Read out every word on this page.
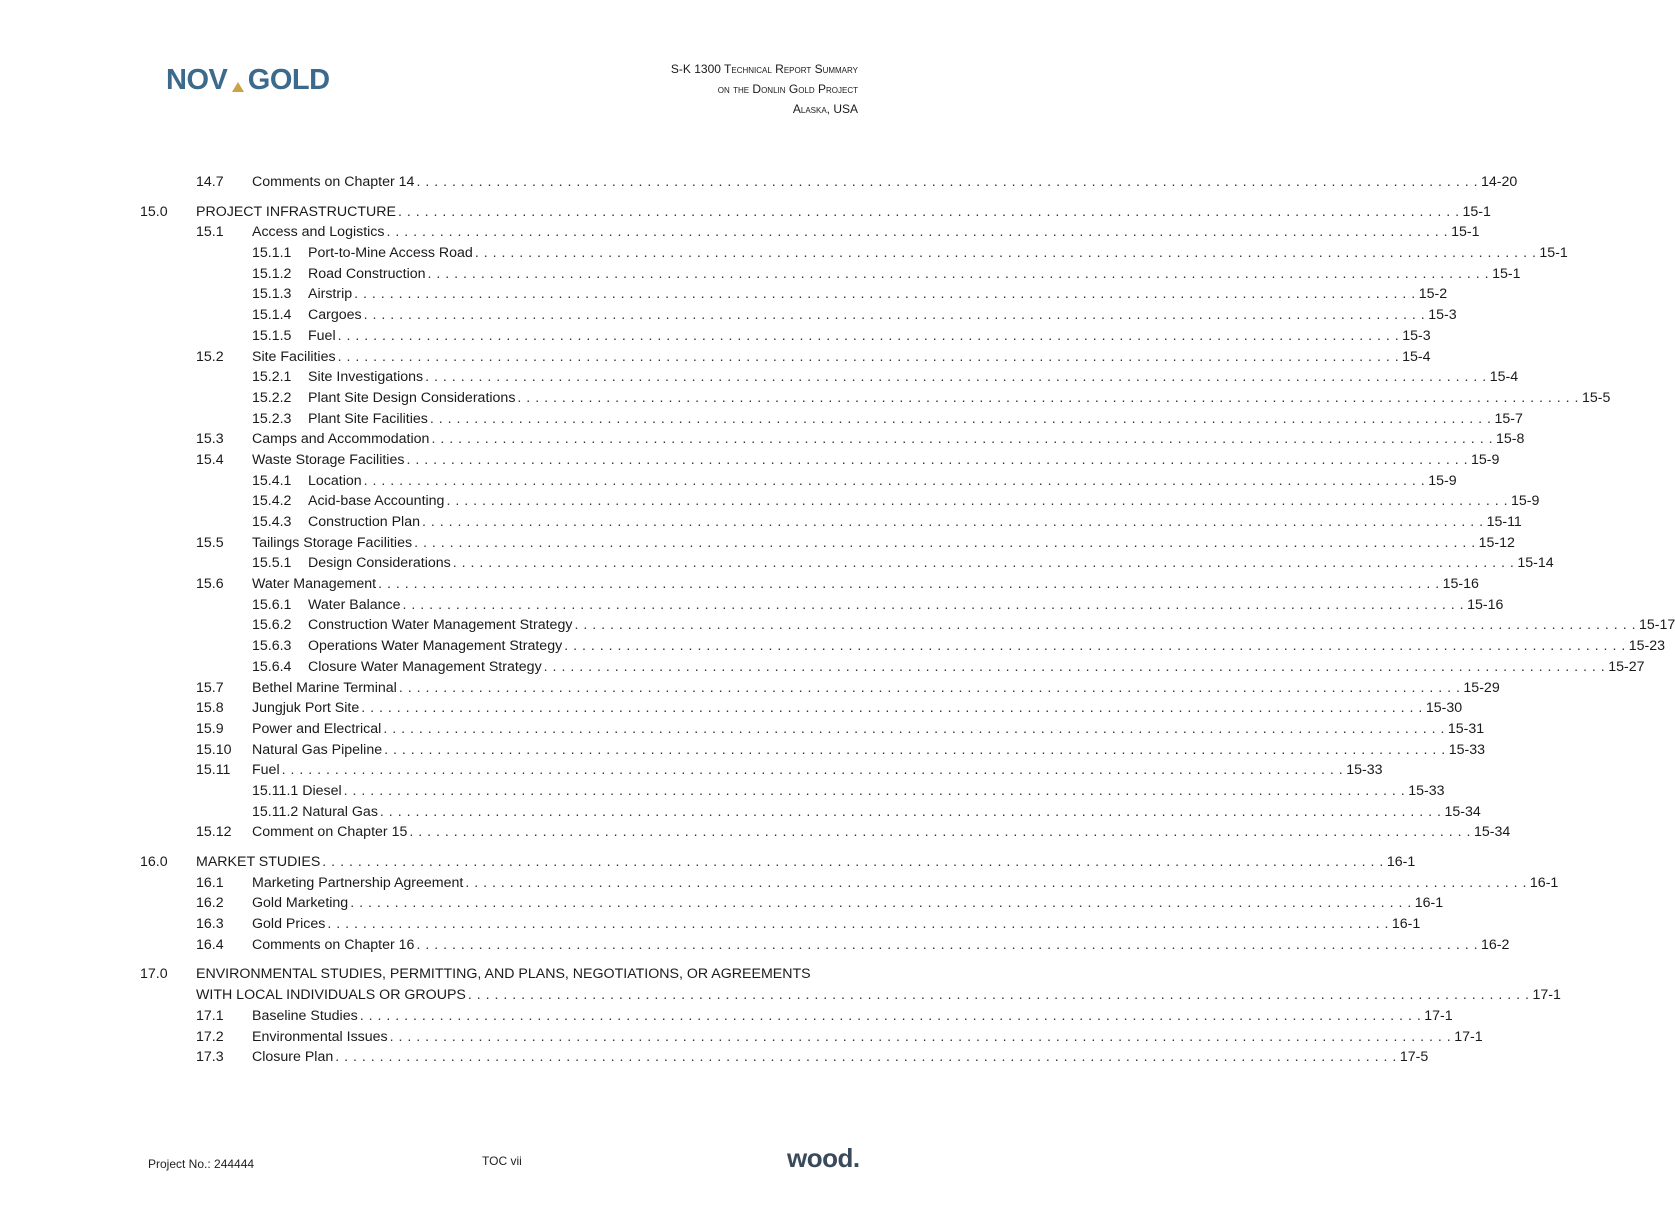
NOV GOLD	S-K 1300 Technical Report Summary
on the Donlin Gold Project
Alaska, USA
14.7 Comments on Chapter 14 . . . . . . . . . . . . . . . . . . . . . . . . . . . . . . . . . . . . . . . . . . . . . . . . . . . . . . . . . . . . . . . . . . . . . . . . . . . . . . . . . . . . . . . . . . . . . . . . . . . . . . . . . . . . . . . . . . . . . . . . 14-20
15.0 PROJECT INFRASTRUCTURE . . . . . . . . . . . . . . . . . . . . . . . . . . . . . . . . . . . . . . . . . . . . . . . . . . . . . . . . . . . . . . . . . . . . . . . . . . . . . . . . . . . . . . . . . . . . . . . . . . . . . . . . . . . . . . . . . . . . . . . . 15-1
15.1 Access and Logistics . . . . . . . . . . . . . . . . . . . . . . . . . . . . . . . . . . . . . . . . . . . . . . . . . . . . . . . . . . . . . . . . . . . . . . . . . . . . . . . . . . . . . . . . . . . . . . . . . . . . . . . . . . . . . . . . . . . . . . . . 15-1
15.1.1 Port-to-Mine Access Road . . . . . . . . . . . . . . . . . . . . . . . . . . . . . . . . . . . . . . . . . . . . . . . . . . . . . . . . . . . . . . . . . . . . . . . . . . . . . . . . . . . . . . . . . . . . . . . . . . . . . . . . . . . . . . . . . . . . . . . . 15-1
15.1.2 Road Construction . . . . . . . . . . . . . . . . . . . . . . . . . . . . . . . . . . . . . . . . . . . . . . . . . . . . . . . . . . . . . . . . . . . . . . . . . . . . . . . . . . . . . . . . . . . . . . . . . . . . . . . . . . . . . . . . . . . . . . . . 15-1
15.1.3 Airstrip . . . . . . . . . . . . . . . . . . . . . . . . . . . . . . . . . . . . . . . . . . . . . . . . . . . . . . . . . . . . . . . . . . . . . . . . . . . . . . . . . . . . . . . . . . . . . . . . . . . . . . . . . . . . . . . . . . . . . . . . 15-2
15.1.4 Cargoes . . . . . . . . . . . . . . . . . . . . . . . . . . . . . . . . . . . . . . . . . . . . . . . . . . . . . . . . . . . . . . . . . . . . . . . . . . . . . . . . . . . . . . . . . . . . . . . . . . . . . . . . . . . . . . . . . . . . . . . . 15-3
15.1.5 Fuel . . . . . . . . . . . . . . . . . . . . . . . . . . . . . . . . . . . . . . . . . . . . . . . . . . . . . . . . . . . . . . . . . . . . . . . . . . . . . . . . . . . . . . . . . . . . . . . . . . . . . . . . . . . . . . . . . . . . . . . . 15-3
15.2 Site Facilities . . . . . . . . . . . . . . . . . . . . . . . . . . . . . . . . . . . . . . . . . . . . . . . . . . . . . . . . . . . . . . . . . . . . . . . . . . . . . . . . . . . . . . . . . . . . . . . . . . . . . . . . . . . . . . . . . . . . . . . . 15-4
15.2.1 Site Investigations . . . . . . . . . . . . . . . . . . . . . . . . . . . . . . . . . . . . . . . . . . . . . . . . . . . . . . . . . . . . . . . . . . . . . . . . . . . . . . . . . . . . . . . . . . . . . . . . . . . . . . . . . . . . . . . . . . . . . . . . 15-4
15.2.2 Plant Site Design Considerations . . . . . . . . . . . . . . . . . . . . . . . . . . . . . . . . . . . . . . . . . . . . . . . . . . . . . . . . . . . . . . . . . . . . . . . . . . . . . . . . . . . . . . . . . . . . . . . . . . . . . . . . . . . . . . . . . . . . . . . . 15-5
15.2.3 Plant Site Facilities . . . . . . . . . . . . . . . . . . . . . . . . . . . . . . . . . . . . . . . . . . . . . . . . . . . . . . . . . . . . . . . . . . . . . . . . . . . . . . . . . . . . . . . . . . . . . . . . . . . . . . . . . . . . . . . . . . . . . . . . 15-7
15.3 Camps and Accommodation . . . . . . . . . . . . . . . . . . . . . . . . . . . . . . . . . . . . . . . . . . . . . . . . . . . . . . . . . . . . . . . . . . . . . . . . . . . . . . . . . . . . . . . . . . . . . . . . . . . . . . . . . . . . . . . . . . . . . . . . 15-8
15.4 Waste Storage Facilities . . . . . . . . . . . . . . . . . . . . . . . . . . . . . . . . . . . . . . . . . . . . . . . . . . . . . . . . . . . . . . . . . . . . . . . . . . . . . . . . . . . . . . . . . . . . . . . . . . . . . . . . . . . . . . . . . . . . . . . . 15-9
15.4.1 Location . . . . . . . . . . . . . . . . . . . . . . . . . . . . . . . . . . . . . . . . . . . . . . . . . . . . . . . . . . . . . . . . . . . . . . . . . . . . . . . . . . . . . . . . . . . . . . . . . . . . . . . . . . . . . . . . . . . . . . . . 15-9
15.4.2 Acid-base Accounting . . . . . . . . . . . . . . . . . . . . . . . . . . . . . . . . . . . . . . . . . . . . . . . . . . . . . . . . . . . . . . . . . . . . . . . . . . . . . . . . . . . . . . . . . . . . . . . . . . . . . . . . . . . . . . . . . . . . . . . . 15-9
15.4.3 Construction Plan . . . . . . . . . . . . . . . . . . . . . . . . . . . . . . . . . . . . . . . . . . . . . . . . . . . . . . . . . . . . . . . . . . . . . . . . . . . . . . . . . . . . . . . . . . . . . . . . . . . . . . . . . . . . . . . . . . . . . . . . 15-11
15.5 Tailings Storage Facilities . . . . . . . . . . . . . . . . . . . . . . . . . . . . . . . . . . . . . . . . . . . . . . . . . . . . . . . . . . . . . . . . . . . . . . . . . . . . . . . . . . . . . . . . . . . . . . . . . . . . . . . . . . . . . . . . . . . . . . . . 15-12
15.5.1 Design Considerations . . . . . . . . . . . . . . . . . . . . . . . . . . . . . . . . . . . . . . . . . . . . . . . . . . . . . . . . . . . . . . . . . . . . . . . . . . . . . . . . . . . . . . . . . . . . . . . . . . . . . . . . . . . . . . . . . . . . . . . . 15-14
15.6 Water Management . . . . . . . . . . . . . . . . . . . . . . . . . . . . . . . . . . . . . . . . . . . . . . . . . . . . . . . . . . . . . . . . . . . . . . . . . . . . . . . . . . . . . . . . . . . . . . . . . . . . . . . . . . . . . . . . . . . . . . . . 15-16
15.6.1 Water Balance . . . . . . . . . . . . . . . . . . . . . . . . . . . . . . . . . . . . . . . . . . . . . . . . . . . . . . . . . . . . . . . . . . . . . . . . . . . . . . . . . . . . . . . . . . . . . . . . . . . . . . . . . . . . . . . . . . . . . . . . 15-16
15.6.2 Construction Water Management Strategy . . . . . . . . . . . . . . . . . . . . . . . . . . . . . . . . . . . . . . . . . . . . . . . . . . . . . . . . . . . . . . . . . . . . . . . . . . . . . . . . . . . . . . . . . . . . . . . . . . . . . . . . . . . . . . . . . . . . . . . . 15-17
15.6.3 Operations Water Management Strategy . . . . . . . . . . . . . . . . . . . . . . . . . . . . . . . . . . . . . . . . . . . . . . . . . . . . . . . . . . . . . . . . . . . . . . . . . . . . . . . . . . . . . . . . . . . . . . . . . . . . . . . . . . . . . . . . . . . . . . . . 15-23
15.6.4 Closure Water Management Strategy . . . . . . . . . . . . . . . . . . . . . . . . . . . . . . . . . . . . . . . . . . . . . . . . . . . . . . . . . . . . . . . . . . . . . . . . . . . . . . . . . . . . . . . . . . . . . . . . . . . . . . . . . . . . . . . . . . . . . . . . 15-27
15.7 Bethel Marine Terminal . . . . . . . . . . . . . . . . . . . . . . . . . . . . . . . . . . . . . . . . . . . . . . . . . . . . . . . . . . . . . . . . . . . . . . . . . . . . . . . . . . . . . . . . . . . . . . . . . . . . . . . . . . . . . . . . . . . . . . . . 15-29
15.8 Jungjuk Port Site . . . . . . . . . . . . . . . . . . . . . . . . . . . . . . . . . . . . . . . . . . . . . . . . . . . . . . . . . . . . . . . . . . . . . . . . . . . . . . . . . . . . . . . . . . . . . . . . . . . . . . . . . . . . . . . . . . . . . . . . 15-30
15.9 Power and Electrical . . . . . . . . . . . . . . . . . . . . . . . . . . . . . . . . . . . . . . . . . . . . . . . . . . . . . . . . . . . . . . . . . . . . . . . . . . . . . . . . . . . . . . . . . . . . . . . . . . . . . . . . . . . . . . . . . . . . . . . . 15-31
15.10 Natural Gas Pipeline . . . . . . . . . . . . . . . . . . . . . . . . . . . . . . . . . . . . . . . . . . . . . . . . . . . . . . . . . . . . . . . . . . . . . . . . . . . . . . . . . . . . . . . . . . . . . . . . . . . . . . . . . . . . . . . . . . . . . . . . 15-33
15.11 Fuel . . . . . . . . . . . . . . . . . . . . . . . . . . . . . . . . . . . . . . . . . . . . . . . . . . . . . . . . . . . . . . . . . . . . . . . . . . . . . . . . . . . . . . . . . . . . . . . . . . . . . . . . . . . . . . . . . . . . . . . . 15-33
15.11.1 Diesel . . . . . . . . . . . . . . . . . . . . . . . . . . . . . . . . . . . . . . . . . . . . . . . . . . . . . . . . . . . . . . . . . . . . . . . . . . . . . . . . . . . . . . . . . . . . . . . . . . . . . . . . . . . . . . . . . . . . . . . . 15-33
15.11.2 Natural Gas . . . . . . . . . . . . . . . . . . . . . . . . . . . . . . . . . . . . . . . . . . . . . . . . . . . . . . . . . . . . . . . . . . . . . . . . . . . . . . . . . . . . . . . . . . . . . . . . . . . . . . . . . . . . . . . . . . . . . . . . 15-34
15.12 Comment on Chapter 15 . . . . . . . . . . . . . . . . . . . . . . . . . . . . . . . . . . . . . . . . . . . . . . . . . . . . . . . . . . . . . . . . . . . . . . . . . . . . . . . . . . . . . . . . . . . . . . . . . . . . . . . . . . . . . . . . . . . . . . . . 15-34
16.0 MARKET STUDIES . . . . . . . . . . . . . . . . . . . . . . . . . . . . . . . . . . . . . . . . . . . . . . . . . . . . . . . . . . . . . . . . . . . . . . . . . . . . . . . . . . . . . . . . . . . . . . . . . . . . . . . . . . . . . . . . . . . . . . . . 16-1
16.1 Marketing Partnership Agreement . . . . . . . . . . . . . . . . . . . . . . . . . . . . . . . . . . . . . . . . . . . . . . . . . . . . . . . . . . . . . . . . . . . . . . . . . . . . . . . . . . . . . . . . . . . . . . . . . . . . . . . . . . . . . . . . . . . . . . . . 16-1
16.2 Gold Marketing . . . . . . . . . . . . . . . . . . . . . . . . . . . . . . . . . . . . . . . . . . . . . . . . . . . . . . . . . . . . . . . . . . . . . . . . . . . . . . . . . . . . . . . . . . . . . . . . . . . . . . . . . . . . . . . . . . . . . . . . 16-1
16.3 Gold Prices . . . . . . . . . . . . . . . . . . . . . . . . . . . . . . . . . . . . . . . . . . . . . . . . . . . . . . . . . . . . . . . . . . . . . . . . . . . . . . . . . . . . . . . . . . . . . . . . . . . . . . . . . . . . . . . . . . . . . . . . 16-1
16.4 Comments on Chapter 16 . . . . . . . . . . . . . . . . . . . . . . . . . . . . . . . . . . . . . . . . . . . . . . . . . . . . . . . . . . . . . . . . . . . . . . . . . . . . . . . . . . . . . . . . . . . . . . . . . . . . . . . . . . . . . . . . . . . . . . . . 16-2
17.0 ENVIRONMENTAL STUDIES, PERMITTING, AND PLANS, NEGOTIATIONS, OR AGREEMENTS
WITH LOCAL INDIVIDUALS OR GROUPS . . . . . . . . . . . . . . . . . . . . . . . . . . . . . . . . . . . . . . . . . . . . . . . . . . . . . . . . . . . . . . . . . . . . . . . . . . . . . . . . . . . . . . . . . . . . . . . . . . . . . . . . . . . . . . . . . . . . . . . . 17-1
17.1 Baseline Studies . . . . . . . . . . . . . . . . . . . . . . . . . . . . . . . . . . . . . . . . . . . . . . . . . . . . . . . . . . . . . . . . . . . . . . . . . . . . . . . . . . . . . . . . . . . . . . . . . . . . . . . . . . . . . . . . . . . . . . . . 17-1
17.2 Environmental Issues . . . . . . . . . . . . . . . . . . . . . . . . . . . . . . . . . . . . . . . . . . . . . . . . . . . . . . . . . . . . . . . . . . . . . . . . . . . . . . . . . . . . . . . . . . . . . . . . . . . . . . . . . . . . . . . . . . . . . . . . 17-1
17.3 Closure Plan . . . . . . . . . . . . . . . . . . . . . . . . . . . . . . . . . . . . . . . . . . . . . . . . . . . . . . . . . . . . . . . . . . . . . . . . . . . . . . . . . . . . . . . . . . . . . . . . . . . . . . . . . . . . . . . . . . . . . . . . 17-5
Project No.: 244444	TOC vii	wood.
